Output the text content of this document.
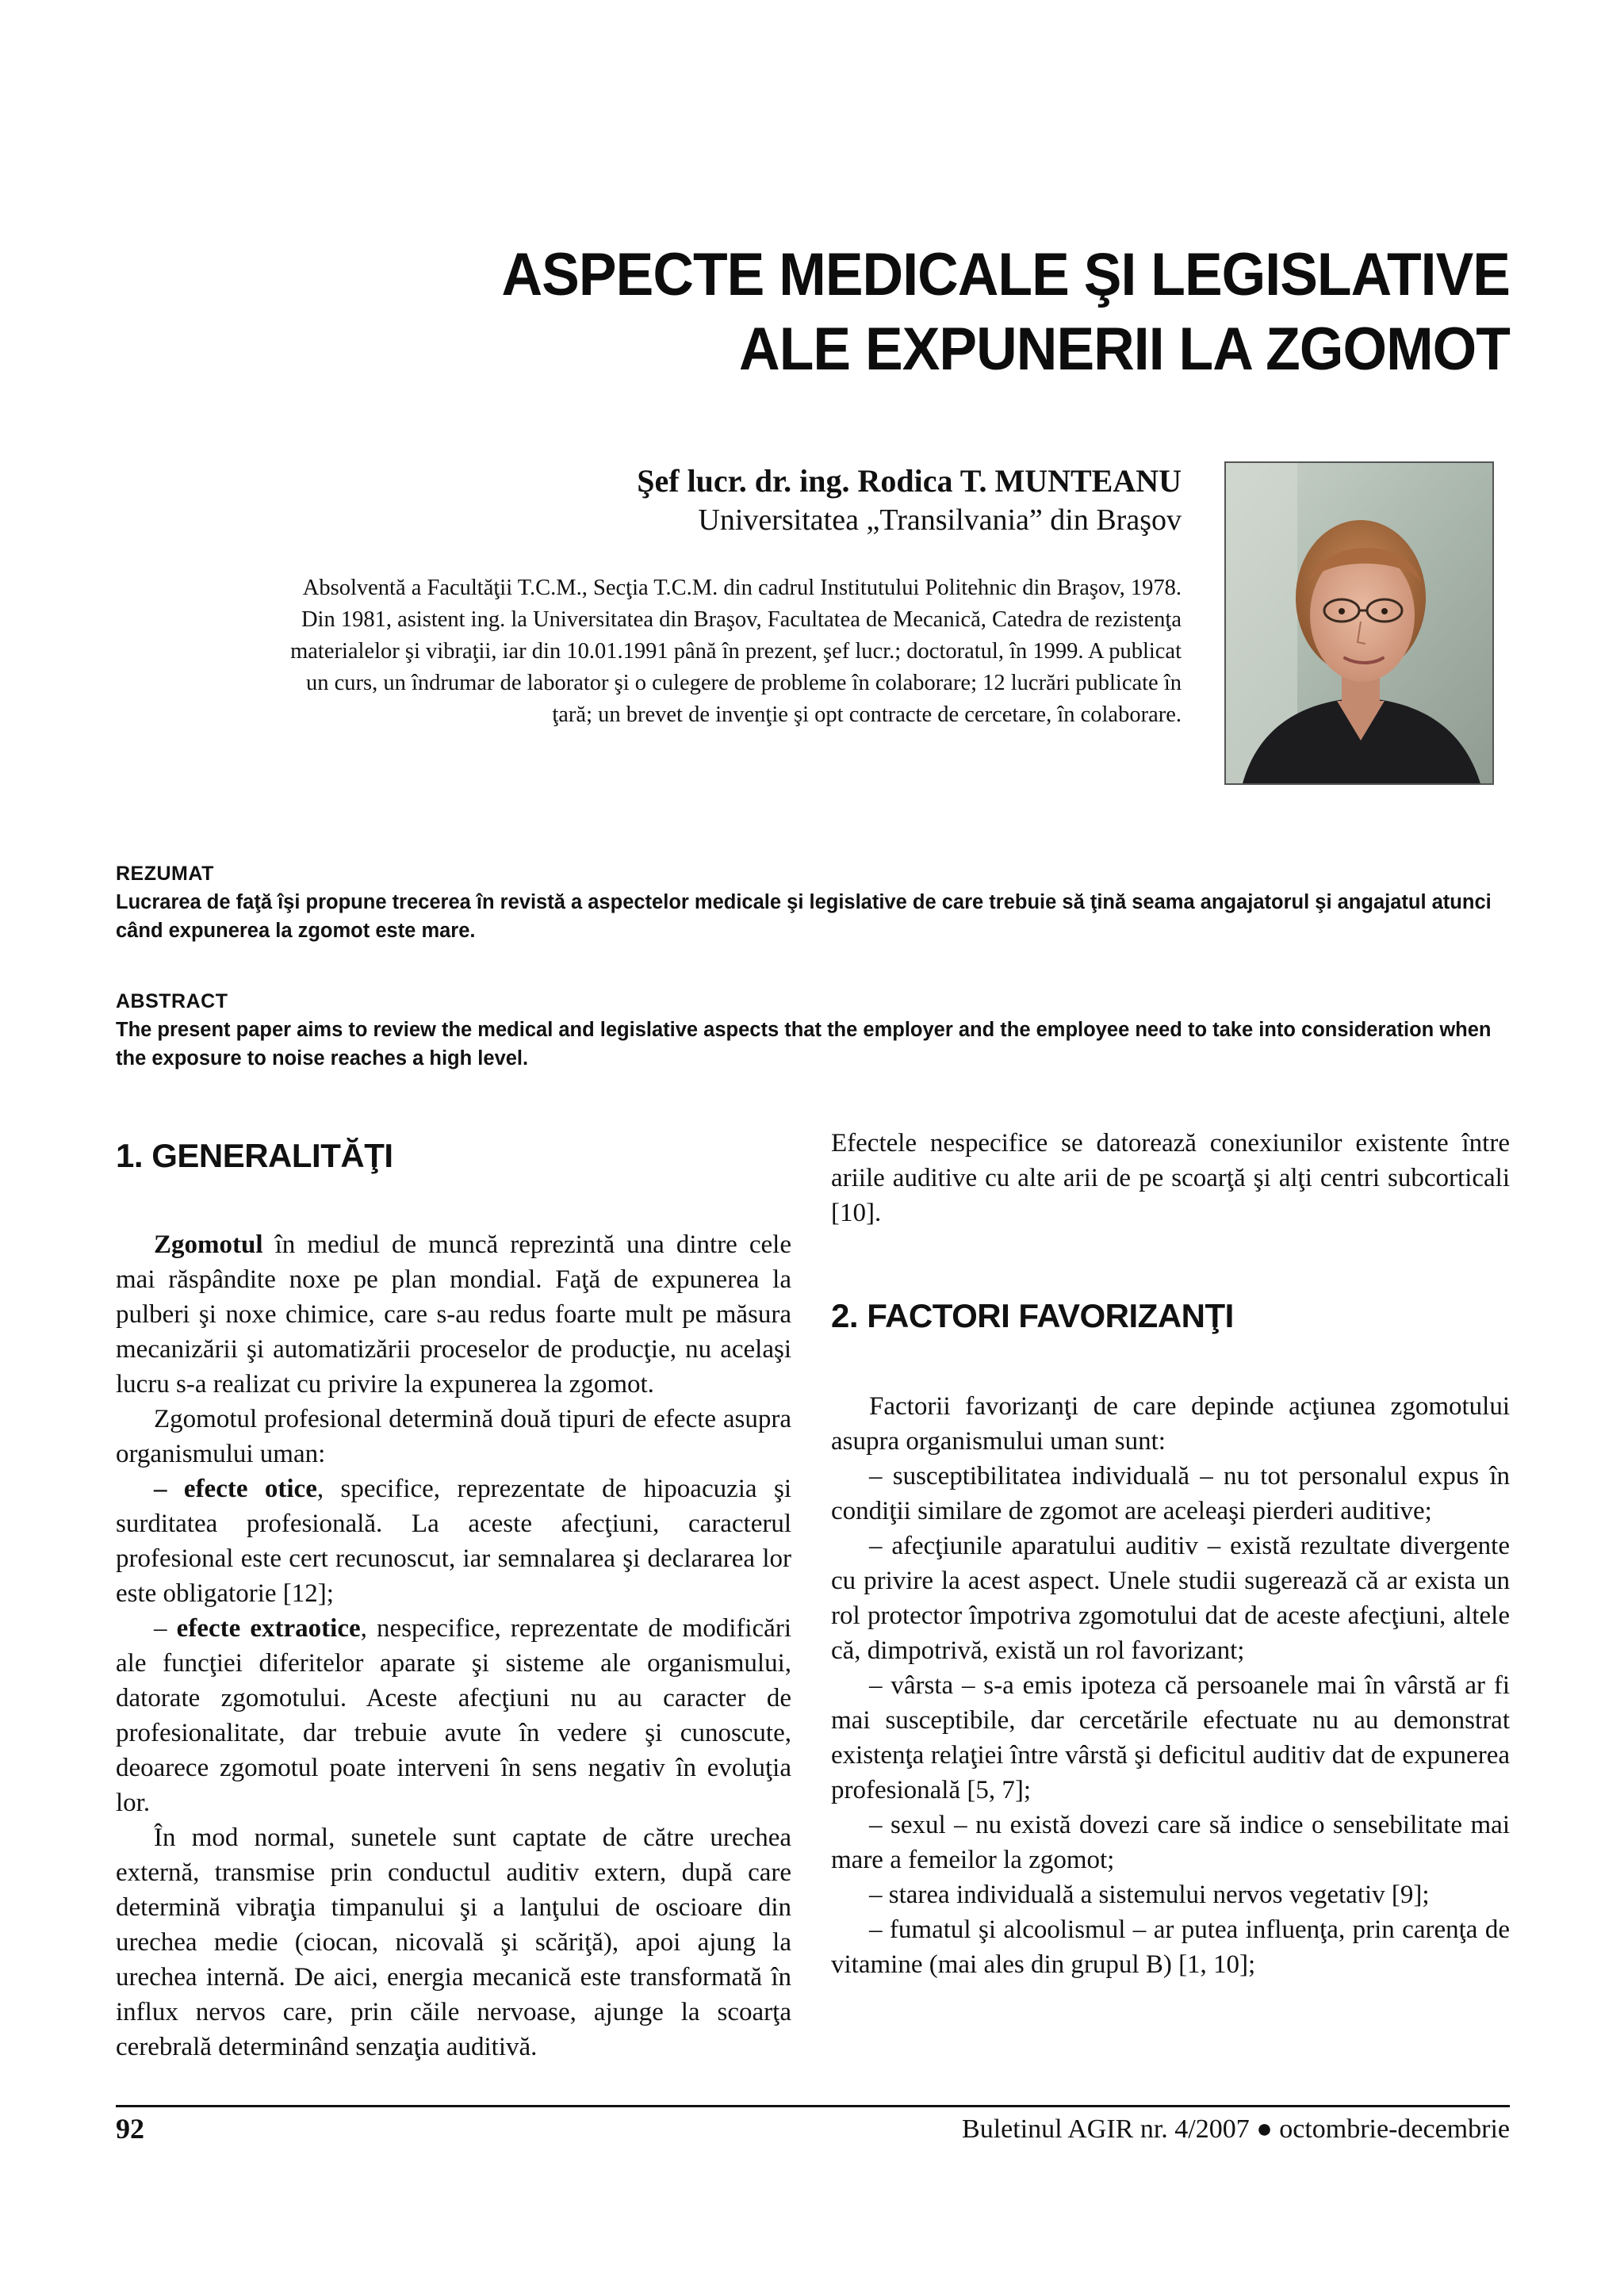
ASPECTE MEDICALE ŞI LEGISLATIVE
ALE EXPUNERII LA ZGOMOT
Şef lucr. dr. ing. Rodica T. MUNTEANU
Universitatea „Transilvania” din Braşov
Absolventă a Facultăţii T.C.M., Secţia T.C.M. din cadrul Institutului Politehnic din Braşov, 1978.
Din 1981, asistent ing. la Universitatea din Braşov, Facultatea de Mecanică, Catedra de rezistenţa
materialelor şi vibraţii, iar din 10.01.1991 până în prezent, şef lucr.; doctoratul, în 1999. A publicat
un curs, un îndrumar de laborator şi o culegere de probleme în colaborare; 12 lucrări publicate în
ţară; un brevet de invenţie şi opt contracte de cercetare, în colaborare.
REZUMAT
Lucrarea de faţă îşi propune trecerea în revistă a aspectelor medicale şi legislative de care trebuie să ţină seama angajatorul şi angajatul atunci când expunerea la zgomot este mare.
ABSTRACT
The present paper aims to review the medical and legislative aspects that the employer and the employee need to take into consideration when the exposure to noise reaches a high level.
1. GENERALITĂŢI

Zgomotul în mediul de muncă reprezintă una dintre cele mai răspândite noxe pe plan mondial. Faţă de expunerea la pulberi şi noxe chimice, care s-au redus foarte mult pe măsura mecanizării şi automatizării proceselor de producţie, nu acelaşi lucru s-a realizat cu privire la expunerea la zgomot.

Zgomotul profesional determină două tipuri de efecte asupra organismului uman:

– efecte otice, specifice, reprezentate de hipoacuzia şi surditatea profesională. La aceste afecţiuni, caracterul profesional este cert recunoscut, iar semnalarea şi declararea lor este obligatorie [12];

– efecte extraotice, nespecifice, reprezentate de modificări ale funcţiei diferitelor aparate şi sisteme ale organismului, datorate zgomotului. Aceste afecţiuni nu au caracter de profesionalitate, dar trebuie avute în vedere şi cunoscute, deoarece zgomotul poate interveni în sens negativ în evoluţia lor.

În mod normal, sunetele sunt captate de către urechea externă, transmise prin conductul auditiv extern, după care determină vibraţia timpanului şi a lanţului de oscioare din urechea medie (ciocan, nicovală şi scăriţă), apoi ajung la urechea internă. De aici, energia mecanică este transformată în influx nervos care, prin căile nervoase, ajunge la scoarţa cerebrală determinând senzaţia auditivă.

Efectele nespecifice se datorează conexiunilor existente între ariile auditive cu alte arii de pe scoarţă şi alţi centri subcorticali [10].

2. FACTORI FAVORIZANŢI

Factorii favorizanţi de care depinde acţiunea zgomotului asupra organismului uman sunt:

– susceptibilitatea individuală – nu tot personalul expus în condiţii similare de zgomot are aceleaşi pierderi auditive;

– afecţiunile aparatului auditiv – există rezultate divergente cu privire la acest aspect. Unele studii sugerează că ar exista un rol protector împotriva zgomotului dat de aceste afecţiuni, altele că, dimpotrivă, există un rol favorizant;

– vârsta – s-a emis ipoteza că persoanele mai în vârstă ar fi mai susceptibile, dar cercetările efectuate nu au demonstrat existenţa relaţiei între vârstă şi deficitul auditiv dat de expunerea profesională [5, 7];

– sexul – nu există dovezi care să indice o sensebilitate mai mare a femeilor la zgomot;

– starea individuală a sistemului nervos vegetativ [9];

– fumatul şi alcoolismul – ar putea influenţa, prin carenţa de vitamine (mai ales din grupul B) [1, 10];

92	Buletinul AGIR nr. 4/2007 ● octombrie-decembrie
